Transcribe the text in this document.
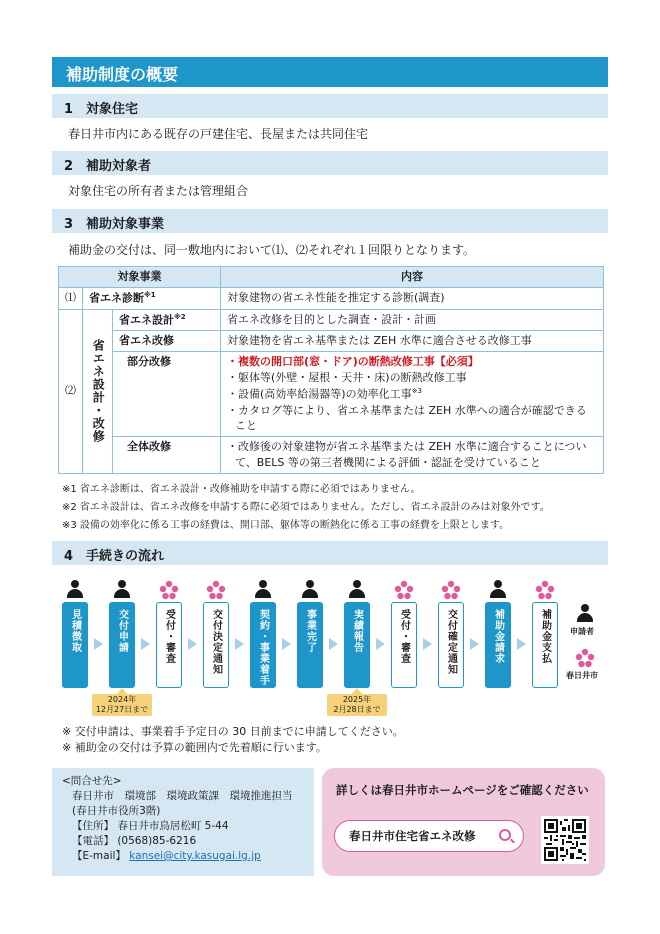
補助制度の概要
1　対象住宅
春日井市内にある既存の戸建住宅、長屋または共同住宅
2　補助対象者
対象住宅の所有者または管理組合
3　補助対象事業
補助金の交付は、同一敷地内において⑴、⑵それぞれ１回限りとなります。
対象事業			内容
⑴	省エネ診断$^{※1}$		対象建物の省エネ性能を推定する診断(調査)
⑵	省エネ設計・改修	省エネ設計$^{※2}$	省エネ改修を目的とした調査・設計・計画
		省エネ改修	対象建物を省エネ基準または ZEH 水準に適合させる改修工事
		部分改修	・複数の開口部(窓・ドア)の断熱改修工事【必須】
・躯体等(外壁・屋根・天井・床)の断熱改修工事
・設備(高効率給湯器等)の効率化工事$^{※3}$
・カタログ等により、省エネ基準または ZEH 水準への適合が確認できること

		全体改修	・改修後の対象建物が省エネ基準または ZEH 水準に適合することについて、BELS 等の第三者機関による評価・認証を受けていること
※1 省エネ診断は、省エネ設計・改修補助を申請する際に必須ではありません。
※2 省エネ設計は、省エネ改修を申請する際に必須ではありません。ただし、省エネ設計のみは対象外です。
※3 設備の効率化に係る工事の経費は、開口部、躯体等の断熱化に係る工事の経費を上限とします。
4　手続きの流れ
見積徴取	交付申請
2024年
12月27日まで
受付・審査	交付決定通知	契約・事業着手	事業完了	実績報告
2025年
2月28日まで
受付・審査	交付確定通知	補助金請求	補助金支払 申請者
春日井市
※ 交付申請は、事業着手予定日の 30 日前までに申請してください。
※ 補助金の交付は予算の範囲内で先着順に行います。
<問合せ先>
春日井市　環境部　環境政策課　環境推進担当
(春日井市役所3階)
【住所】 春日井市鳥居松町 5-44
【電話】 (0568)85-6216
【E-mail】 kansei@city.kasugai.lg.jp
詳しくは春日井市ホームページをご確認ください
春日井市住宅省エネ改修
